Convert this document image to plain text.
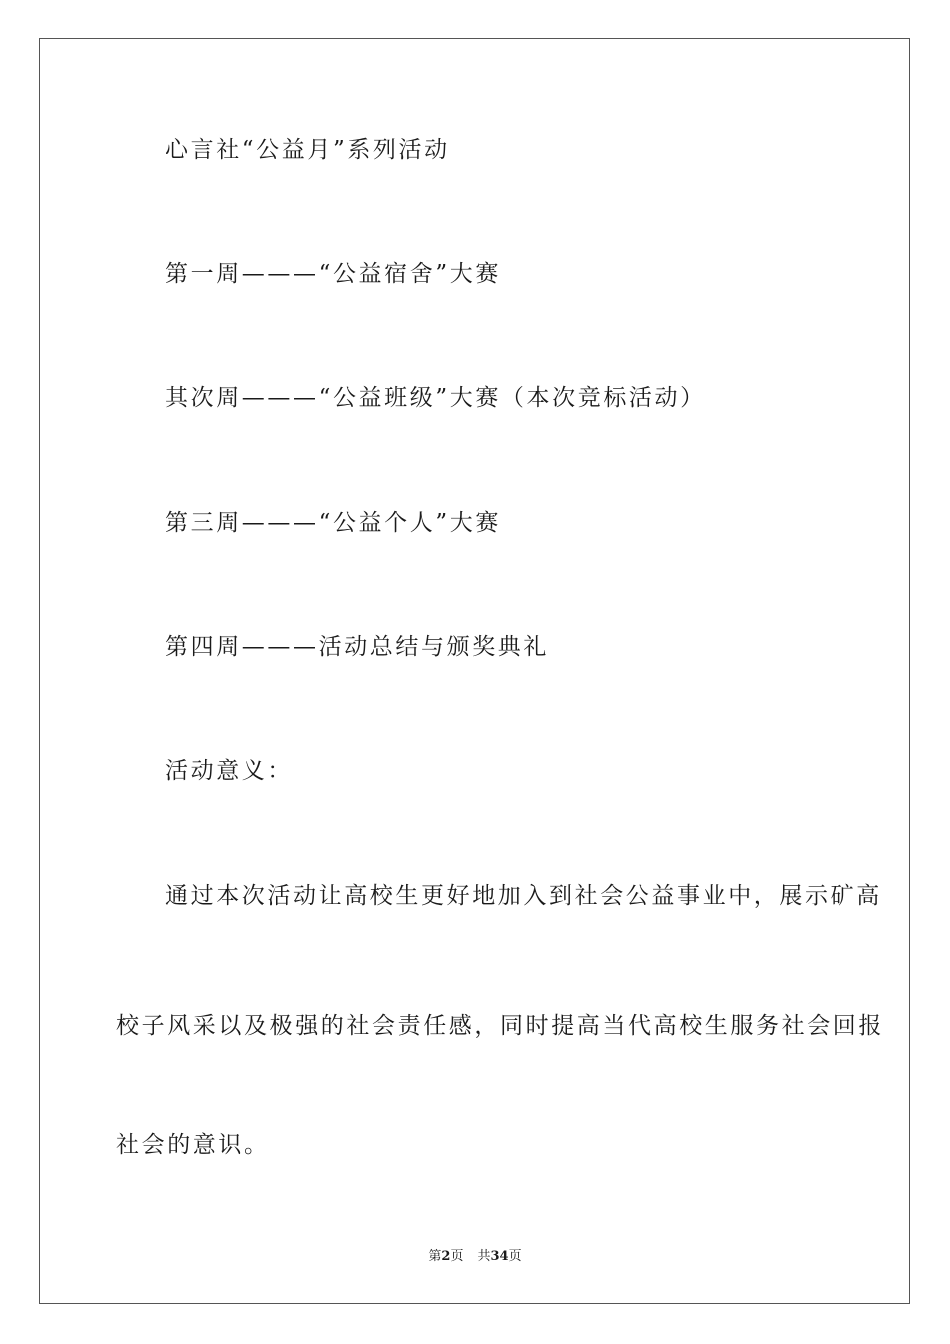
心言社“公益月”系列活动
第一周———“公益宿舍”大赛
其次周———“公益班级”大赛（本次竞标活动）
第三周———“公益个人”大赛
第四周———活动总结与颁奖典礼
活动意义：
通过本次活动让高校生更好地加入到社会公益事业中，展示矿高
校子风采以及极强的社会责任感，同时提高当代高校生服务社会回报
社会的意识。
第2页 共34页
